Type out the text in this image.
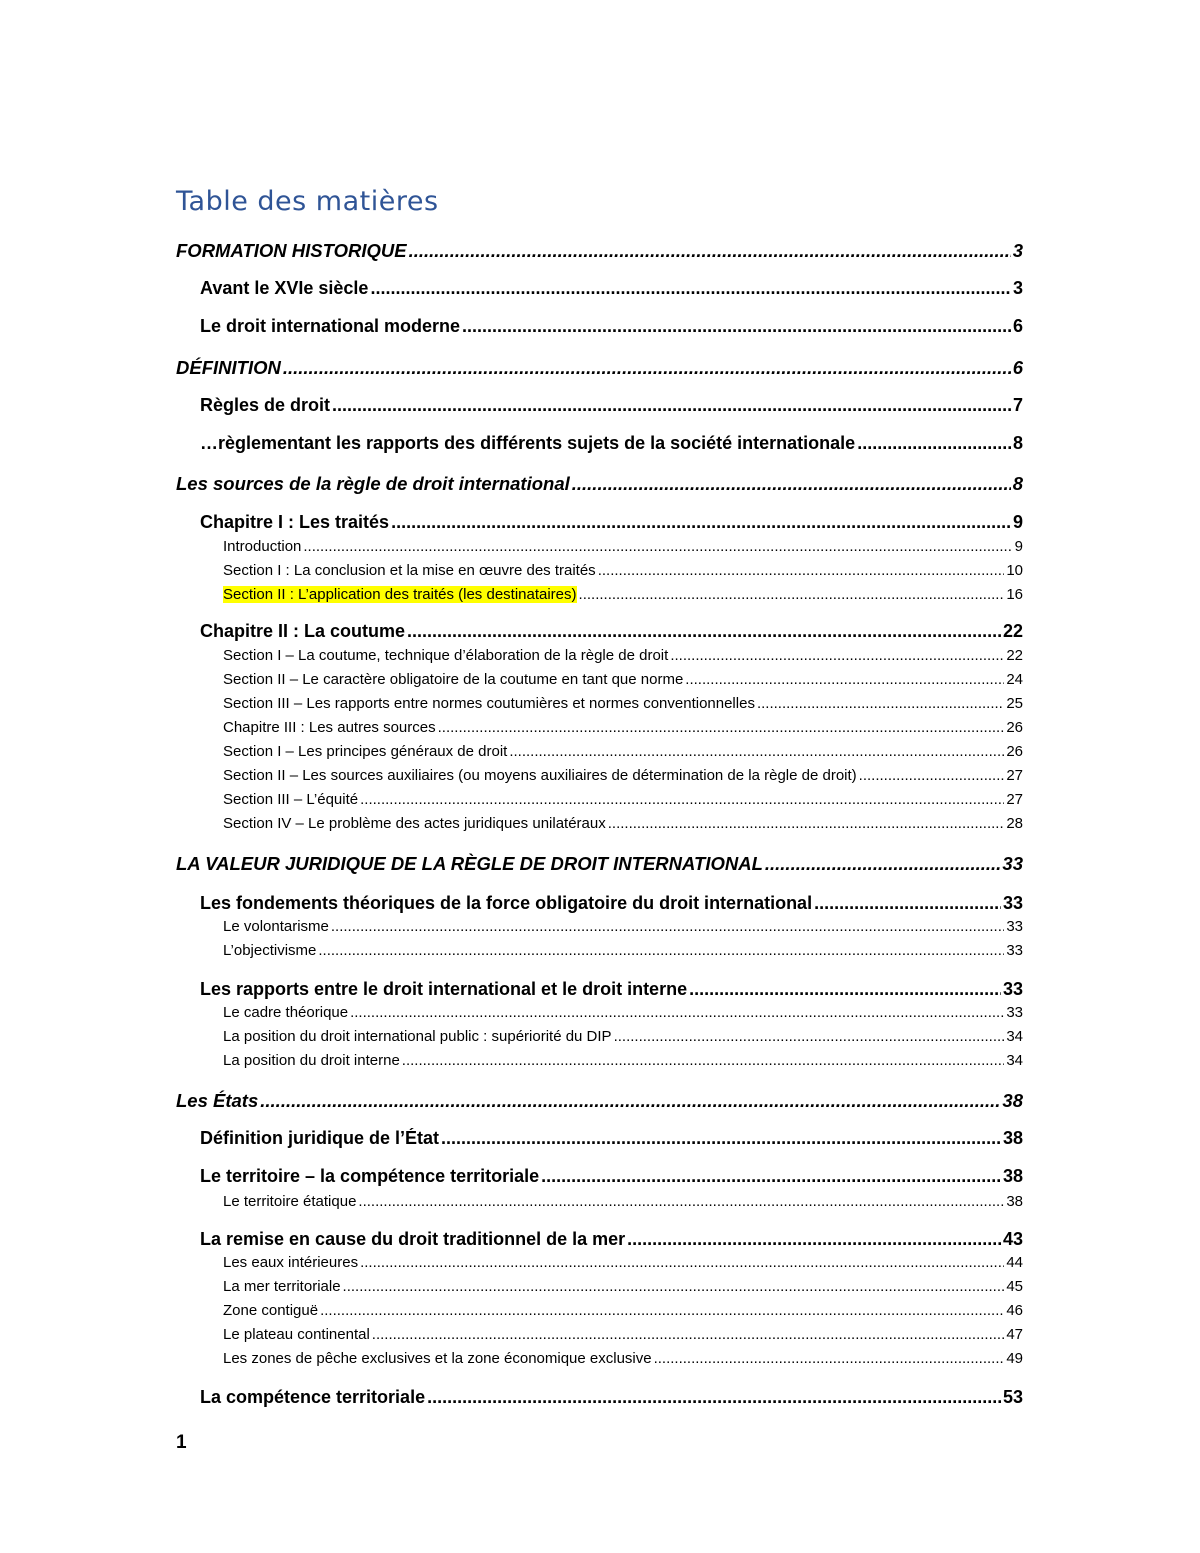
Table des matières
FORMATION HISTORIQUE .....	3
Avant le XVIe siècle .....	3
Le droit international moderne .....	6
DÉFINITION .....	6
Règles de droit .....	7
…règlementant les rapports des différents sujets de la société internationale .....	8
Les sources de la règle de droit international .....	8
Chapitre I : Les traités .....	9
Introduction .....	9
Section I : La conclusion et la mise en œuvre des traités .....	10
Section II : L’application des traités (les destinataires) .....	16
Chapitre II : La coutume .....	22
Section I – La coutume, technique d’élaboration de la règle de droit .....	22
Section II – Le caractère obligatoire de la coutume en tant que norme .....	24
Section III – Les rapports entre normes coutumières et normes conventionnelles .....	25
Chapitre III : Les autres sources .....	26
Section I – Les principes généraux de droit .....	26
Section II – Les sources auxiliaires (ou moyens auxiliaires de détermination de la règle de droit) .....	27
Section III – L’équité .....	27
Section IV – Le problème des actes juridiques unilatéraux .....	28
LA VALEUR JURIDIQUE DE LA RÈGLE DE DROIT INTERNATIONAL .....	33
Les fondements théoriques de la force obligatoire du droit international .....	33
Le volontarisme .....	33
L’objectivisme .....	33
Les rapports entre le droit international et le droit interne .....	33
Le cadre théorique .....	33
La position du droit international public : supériorité du DIP .....	34
La position du droit interne .....	34
Les États .....	38
Définition juridique de l’État .....	38
Le territoire – la compétence territoriale .....	38
Le territoire étatique .....	38
La remise en cause du droit traditionnel de la mer .....	43
Les eaux intérieures .....	44
La mer territoriale .....	45
Zone contiguë .....	46
Le plateau continental .....	47
Les zones de pêche exclusives et la zone économique exclusive .....	49
La compétence territoriale .....	53
1
